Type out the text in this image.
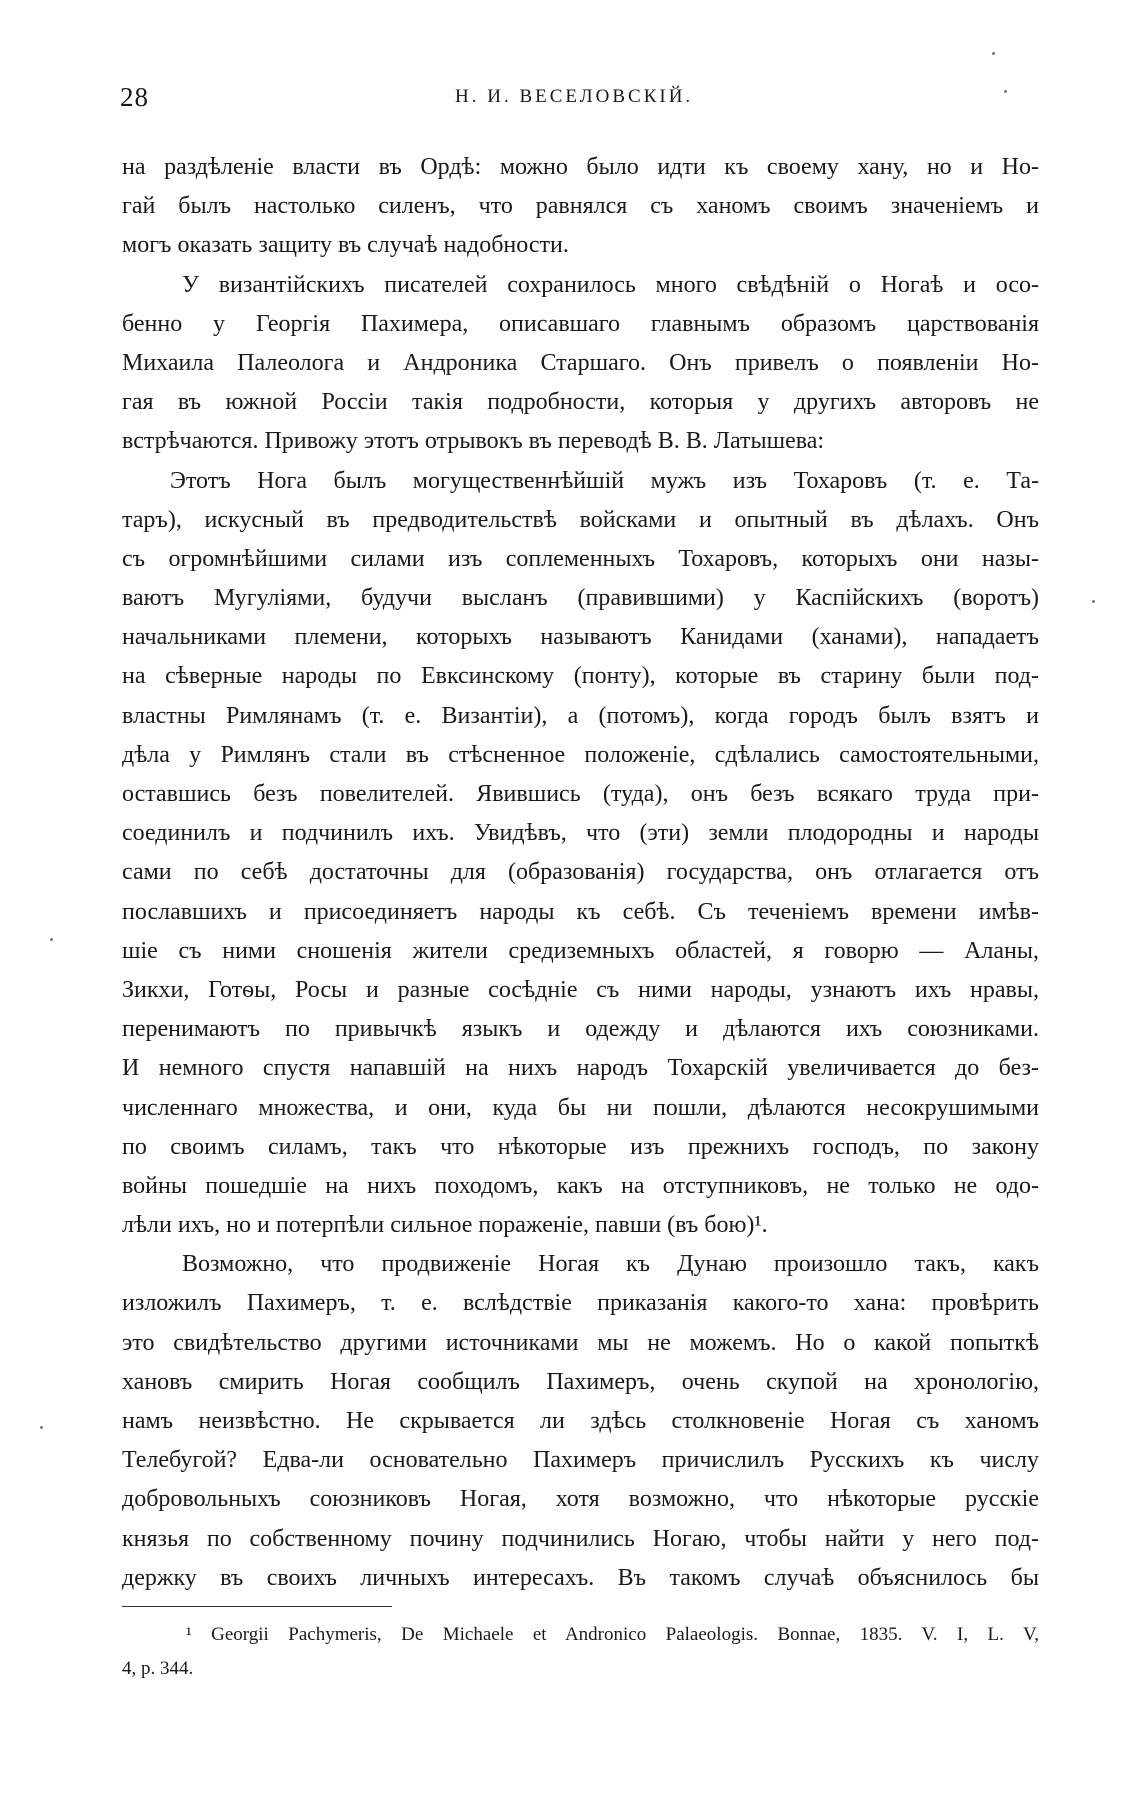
28	Н. И. ВЕСЕЛОВСКІЙ.
на раздѣленіе власти въ Ордѣ: можно было идти къ своему хану, но и Но-
гай былъ настолько силенъ, что равнялся съ ханомъ своимъ значеніемъ и
могъ оказать защиту въ случаѣ надобности.
У византійскихъ писателей сохранилось много свѣдѣній о Ногаѣ и осо-
бенно у Георгія Пахимера, описавшаго главнымъ образомъ царствованія
Михаила Палеолога и Андроника Старшаго. Онъ привелъ о появленіи Но-
гая въ южной Россіи такія подробности, которыя у другихъ авторовъ не
встрѣчаются. Привожу этотъ отрывокъ въ переводѣ В. В. Латышева:
Этотъ Нога былъ могущественнѣйшій мужъ изъ Тохаровъ (т. е. Та-
таръ), искусный въ предводительствѣ войсками и опытный въ дѣлахъ. Онъ
съ огромнѣйшими силами изъ соплеменныхъ Тохаровъ, которыхъ они назы-
ваютъ Мугуліями, будучи высланъ (правившими) у Каспійскихъ (воротъ)
начальниками племени, которыхъ называютъ Канидами (ханами), нападаетъ
на сѣверные народы по Евксинскому (понту), которые въ старину были под-
властны Римлянамъ (т. е. Византіи), а (потомъ), когда городъ былъ взятъ и
дѣла у Римлянъ стали въ стѣсненное положеніе, сдѣлались самостоятельными,
оставшись безъ повелителей. Явившись (туда), онъ безъ всякаго труда при-
соединилъ и подчинилъ ихъ. Увидѣвъ, что (эти) земли плодородны и народы
сами по себѣ достаточны для (образованія) государства, онъ отлагается отъ
пославшихъ и присоединяетъ народы къ себѣ. Съ теченіемъ времени имѣв-
шіе съ ними сношенія жители средиземныхъ областей, я говорю — Аланы,
Зикхи, Готѳы, Росы и разные сосѣдніе съ ними народы, узнаютъ ихъ нравы,
перенимаютъ по привычкѣ языкъ и одежду и дѣлаются ихъ союзниками.
И немного спустя напавшій на нихъ народъ Тохарскій увеличивается до без-
численнаго множества, и они, куда бы ни пошли, дѣлаются несокрушимыми
по своимъ силамъ, такъ что нѣкоторые изъ прежнихъ господъ, по закону
войны пошедшіе на нихъ походомъ, какъ на отступниковъ, не только не одо-
лѣли ихъ, но и потерпѣли сильное пораженіе, павши (въ бою)¹.
Возможно, что продвиженіе Ногая къ Дунаю произошло такъ, какъ
изложилъ Пахимеръ, т. е. вслѣдствіе приказанія какого-то хана: провѣрить
это свидѣтельство другими источниками мы не можемъ. Но о какой попыткѣ
хановъ смирить Ногая сообщилъ Пахимеръ, очень скупой на хронологію,
намъ неизвѣстно. Не скрывается ли здѣсь столкновеніе Ногая съ ханомъ
Телебугой? Едва-ли основательно Пахимеръ причислилъ Русскихъ къ числу
добровольныхъ союзниковъ Ногая, хотя возможно, что нѣкоторые русскіе
князья по собственному почину подчинились Ногаю, чтобы найти у него под-
держку въ своихъ личныхъ интересахъ. Въ такомъ случаѣ объяснилось бы
¹ Georgii Pachymeris, De Michaele et Andronico Palaeologis. Bonnae, 1835. V. I, L. V,
4, p. 344.
